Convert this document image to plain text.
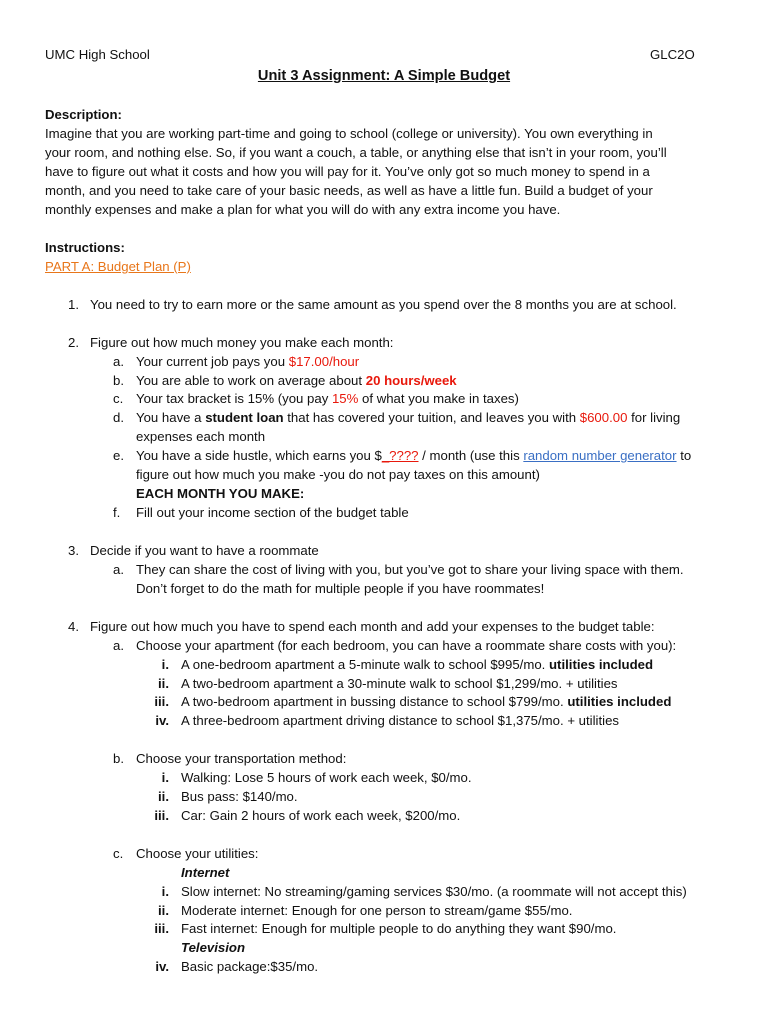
UMC High School	GLC2O
Unit 3 Assignment: A Simple Budget
Description:
Imagine that you are working part-time and going to school (college or university). You own everything in
your room, and nothing else. So, if you want a couch, a table, or anything else that isn’t in your room, you’ll
have to figure out what it costs and how you will pay for it. You’ve only got so much money to spend in a
month, and you need to take care of your basic needs, as well as have a little fun. Build a budget of your
monthly expenses and make a plan for what you will do with any extra income you have.
Instructions:
PART A: Budget Plan (P)
1. You need to try to earn more or the same amount as you spend over the 8 months you are at school.
2. Figure out how much money you make each month:
a. Your current job pays you $17.00/hour
b. You are able to work on average about 20 hours/week
c. Your tax bracket is 15% (you pay 15% of what you make in taxes)
d. You have a student loan that has covered your tuition, and leaves you with $600.00 for living
expenses each month
e. You have a side hustle, which earns you $_???? / month (use this random number generator to
figure out how much you make -you do not pay taxes on this amount)
EACH MONTH YOU MAKE:
f. Fill out your income section of the budget table
3. Decide if you want to have a roommate
a. They can share the cost of living with you, but you’ve got to share your living space with them.
Don’t forget to do the math for multiple people if you have roommates!
4. Figure out how much you have to spend each month and add your expenses to the budget table:
a. Choose your apartment (for each bedroom, you can have a roommate share costs with you):
i. A one-bedroom apartment a 5-minute walk to school $995/mo. utilities included
ii. A two-bedroom apartment a 30-minute walk to school $1,299/mo. + utilities
iii. A two-bedroom apartment in bussing distance to school $799/mo. utilities included
iv. A three-bedroom apartment driving distance to school $1,375/mo. + utilities
b. Choose your transportation method:
i. Walking: Lose 5 hours of work each week, $0/mo.
ii. Bus pass: $140/mo.
iii. Car: Gain 2 hours of work each week, $200/mo.
c. Choose your utilities:
Internet
i. Slow internet: No streaming/gaming services $30/mo. (a roommate will not accept this)
ii. Moderate internet: Enough for one person to stream/game $55/mo.
iii. Fast internet: Enough for multiple people to do anything they want $90/mo.
Television
iv. Basic package:$35/mo.
